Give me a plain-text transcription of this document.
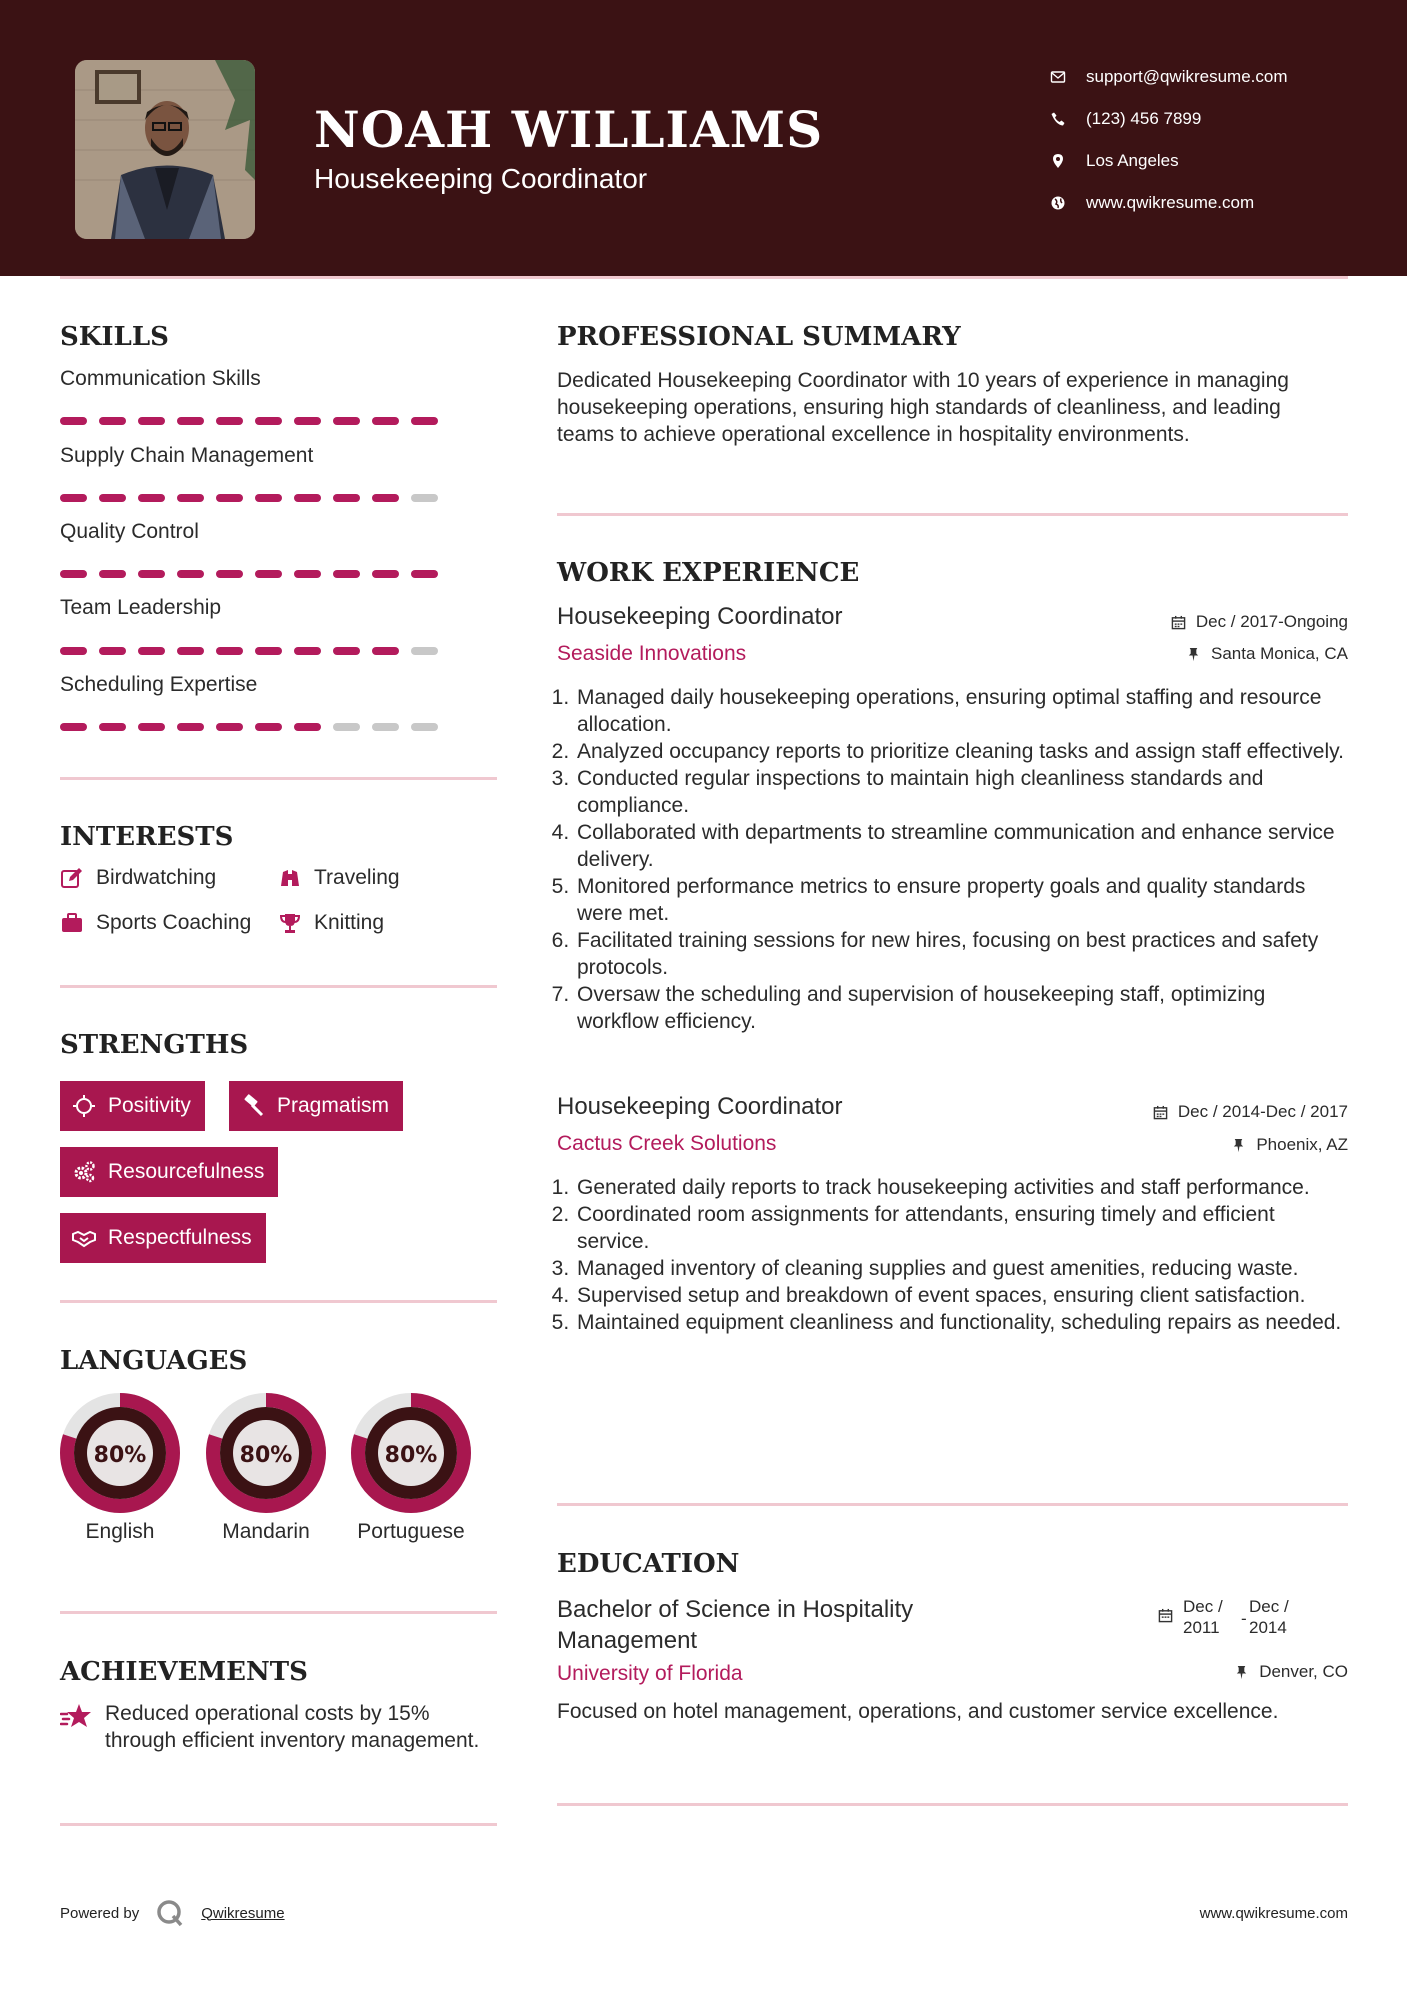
NOAH WILLIAMS
Housekeeping Coordinator
support@qwikresume.com
(123) 456 7899
Los Angeles
www.qwikresume.com
SKILLS
Communication Skills
Supply Chain Management
Quality Control
Team Leadership
Scheduling Expertise
INTERESTS
Birdwatching	Traveling
Sports Coaching	Knitting
STRENGTHS
Positivity	Pragmatism
Resourcefulness
Respectfulness
LANGUAGES
80%
English
80%
Mandarin
80%
Portuguese
ACHIEVEMENTS
Reduced operational costs by 15% through efficient inventory management.
PROFESSIONAL SUMMARY
Dedicated Housekeeping Coordinator with 10 years of experience in managing housekeeping operations, ensuring high standards of cleanliness, and leading teams to achieve operational excellence in hospitality environments.
WORK EXPERIENCE
Housekeeping Coordinator	Dec / 2017-Ongoing
Seaside Innovations	Santa Monica, CA
1. Managed daily housekeeping operations, ensuring optimal staffing and resource allocation.
2. Analyzed occupancy reports to prioritize cleaning tasks and assign staff effectively.
3. Conducted regular inspections to maintain high cleanliness standards and compliance.
4. Collaborated with departments to streamline communication and enhance service delivery.
5. Monitored performance metrics to ensure property goals and quality standards were met.
6. Facilitated training sessions for new hires, focusing on best practices and safety protocols.
7. Oversaw the scheduling and supervision of housekeeping staff, optimizing workflow efficiency.
Housekeeping Coordinator	Dec / 2014-Dec / 2017
Cactus Creek Solutions	Phoenix, AZ
1. Generated daily reports to track housekeeping activities and staff performance.
2. Coordinated room assignments for attendants, ensuring timely and efficient service.
3. Managed inventory of cleaning supplies and guest amenities, reducing waste.
4. Supervised setup and breakdown of event spaces, ensuring client satisfaction.
5. Maintained equipment cleanliness and functionality, scheduling repairs as needed.
EDUCATION
Bachelor of Science in Hospitality Management
Dec / 2011	-
Dec / 2014
University of Florida	Denver, CO
Focused on hotel management, operations, and customer service excellence.
Powered by	Qwikresume	www.qwikresume.com
